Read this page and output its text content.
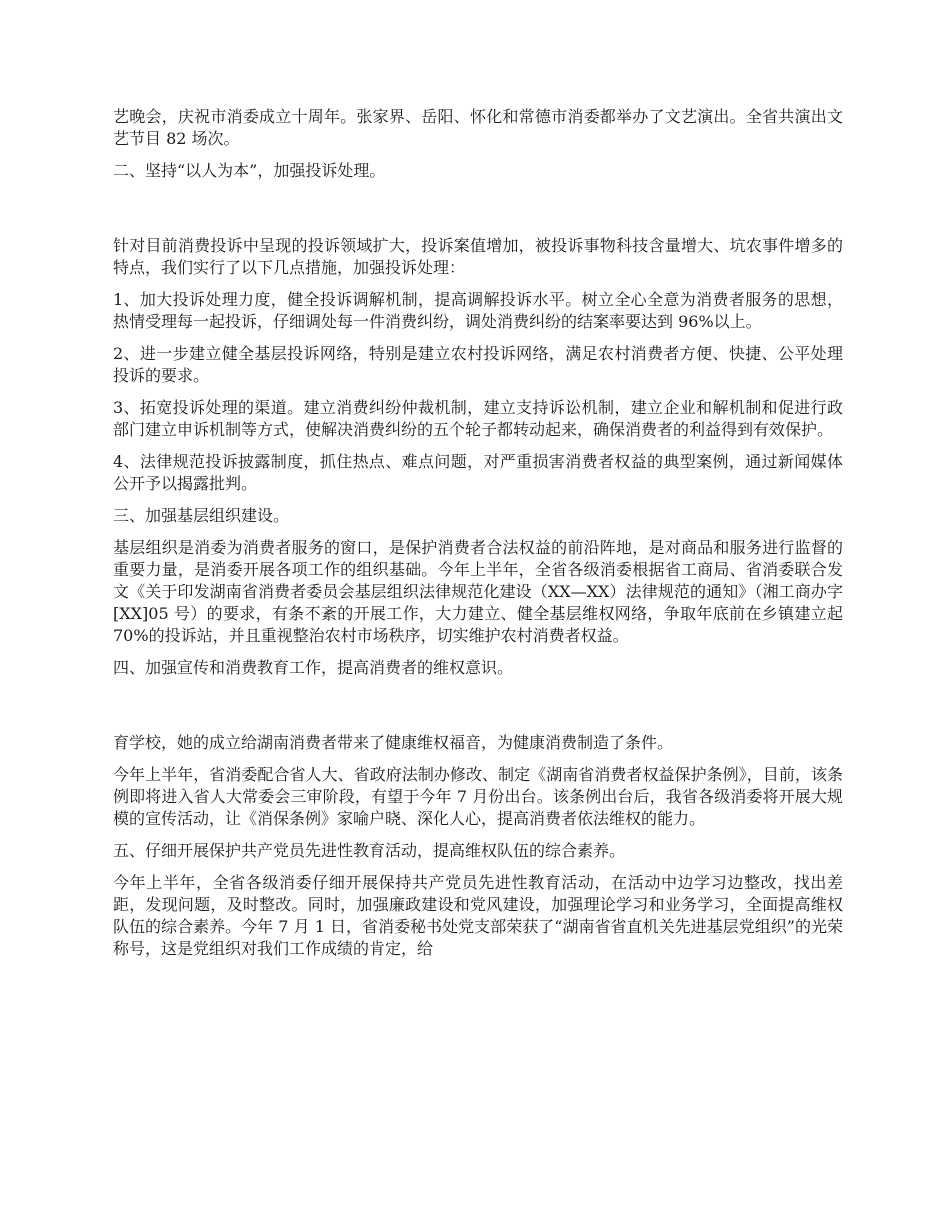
艺晚会，庆祝市消委成立十周年。张家界、岳阳、怀化和常德市消委都举办了文艺演出。全省共演出文艺节目 82 场次。

二、坚持“以人为本”，加强投诉处理。

针对目前消费投诉中呈现的投诉领域扩大，投诉案值增加，被投诉事物科技含量增大、坑农事件增多的特点，我们实行了以下几点措施，加强投诉处理：

1、加大投诉处理力度，健全投诉调解机制，提高调解投诉水平。树立全心全意为消费者服务的思想，热情受理每一起投诉，仔细调处每一件消费纠纷，调处消费纠纷的结案率要达到 96%以上。

2、进一步建立健全基层投诉网络，特别是建立农村投诉网络，满足农村消费者方便、快捷、公平处理投诉的要求。

3、拓宽投诉处理的渠道。建立消费纠纷仲裁机制，建立支持诉讼机制，建立企业和解机制和促进行政部门建立申诉机制等方式，使解决消费纠纷的五个轮子都转动起来，确保消费者的利益得到有效保护。

4、法律规范投诉披露制度，抓住热点、难点问题，对严重损害消费者权益的典型案例，通过新闻媒体公开予以揭露批判。

三、加强基层组织建设。

基层组织是消委为消费者服务的窗口，是保护消费者合法权益的前沿阵地，是对商品和服务进行监督的重要力量，是消委开展各项工作的组织基础。今年上半年，全省各级消委根据省工商局、省消委联合发文《关于印发湖南省消费者委员会基层组织法律规范化建设（XX—XX）法律规范的通知》（湘工商办字[XX]05 号）的要求，有条不紊的开展工作，大力建立、健全基层维权网络，争取年底前在乡镇建立起 70%的投诉站，并且重视整治农村市场秩序，切实维护农村消费者权益。

四、加强宣传和消费教育工作，提高消费者的维权意识。

育学校，她的成立给湖南消费者带来了健康维权福音，为健康消费制造了条件。

今年上半年，省消委配合省人大、省政府法制办修改、制定《湖南省消费者权益保护条例》，目前，该条例即将进入省人大常委会三审阶段，有望于今年 7 月份出台。该条例出台后，我省各级消委将开展大规模的宣传活动，让《消保条例》家喻户晓、深化人心，提高消费者依法维权的能力。

五、仔细开展保护共产党员先进性教育活动，提高维权队伍的综合素养。

今年上半年，全省各级消委仔细开展保持共产党员先进性教育活动，在活动中边学习边整改，找出差距，发现问题，及时整改。同时，加强廉政建设和党风建设，加强理论学习和业务学习，全面提高维权队伍的综合素养。今年 7 月 1 日，省消委秘书处党支部荣获了“湖南省省直机关先进基层党组织”的光荣称号，这是党组织对我们工作成绩的肯定，给
